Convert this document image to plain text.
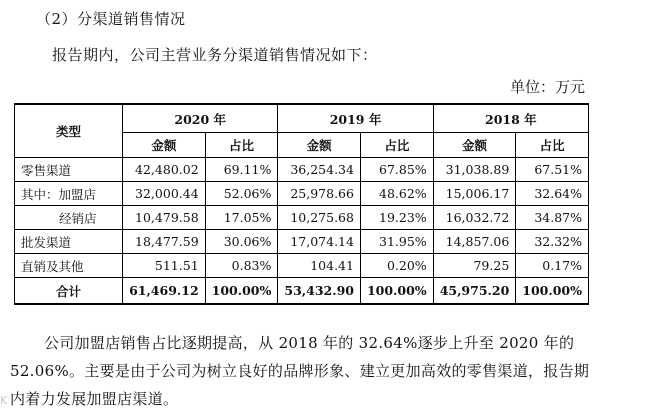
（2）分渠道销售情况
报告期内，公司主营业务分渠道销售情况如下：
单位：万元
类型	2020 年		2019 年		2018 年	
	金额	占比	金额	占比	金额	占比
零售渠道	42,480.02	69.11%	36,254.34	67.85%	31,038.89	67.51%
其中：加盟店	32,000.44	52.06%	25,978.66	48.62%	15,006.17	32.64%
经销店	10,479.58	17.05%	10,275.68	19.23%	16,032.72	34.87%
批发渠道	18,477.59	30.06%	17,074.14	31.95%	14,857.06	32.32%
直销及其他	511.51	0.83%	104.41	0.20%	79.25	0.17%
合计	61,469.12	100.00%	53,432.90	100.00%	45,975.20	100.00%
公司加盟店销售占比逐期提高，从 2018 年的 32.64%逐步上升至 2020 年的 52.06%。主要是由于公司为树立良好的品牌形象、建立更加高效的零售渠道，报告期内着力发展加盟店渠道。
K
